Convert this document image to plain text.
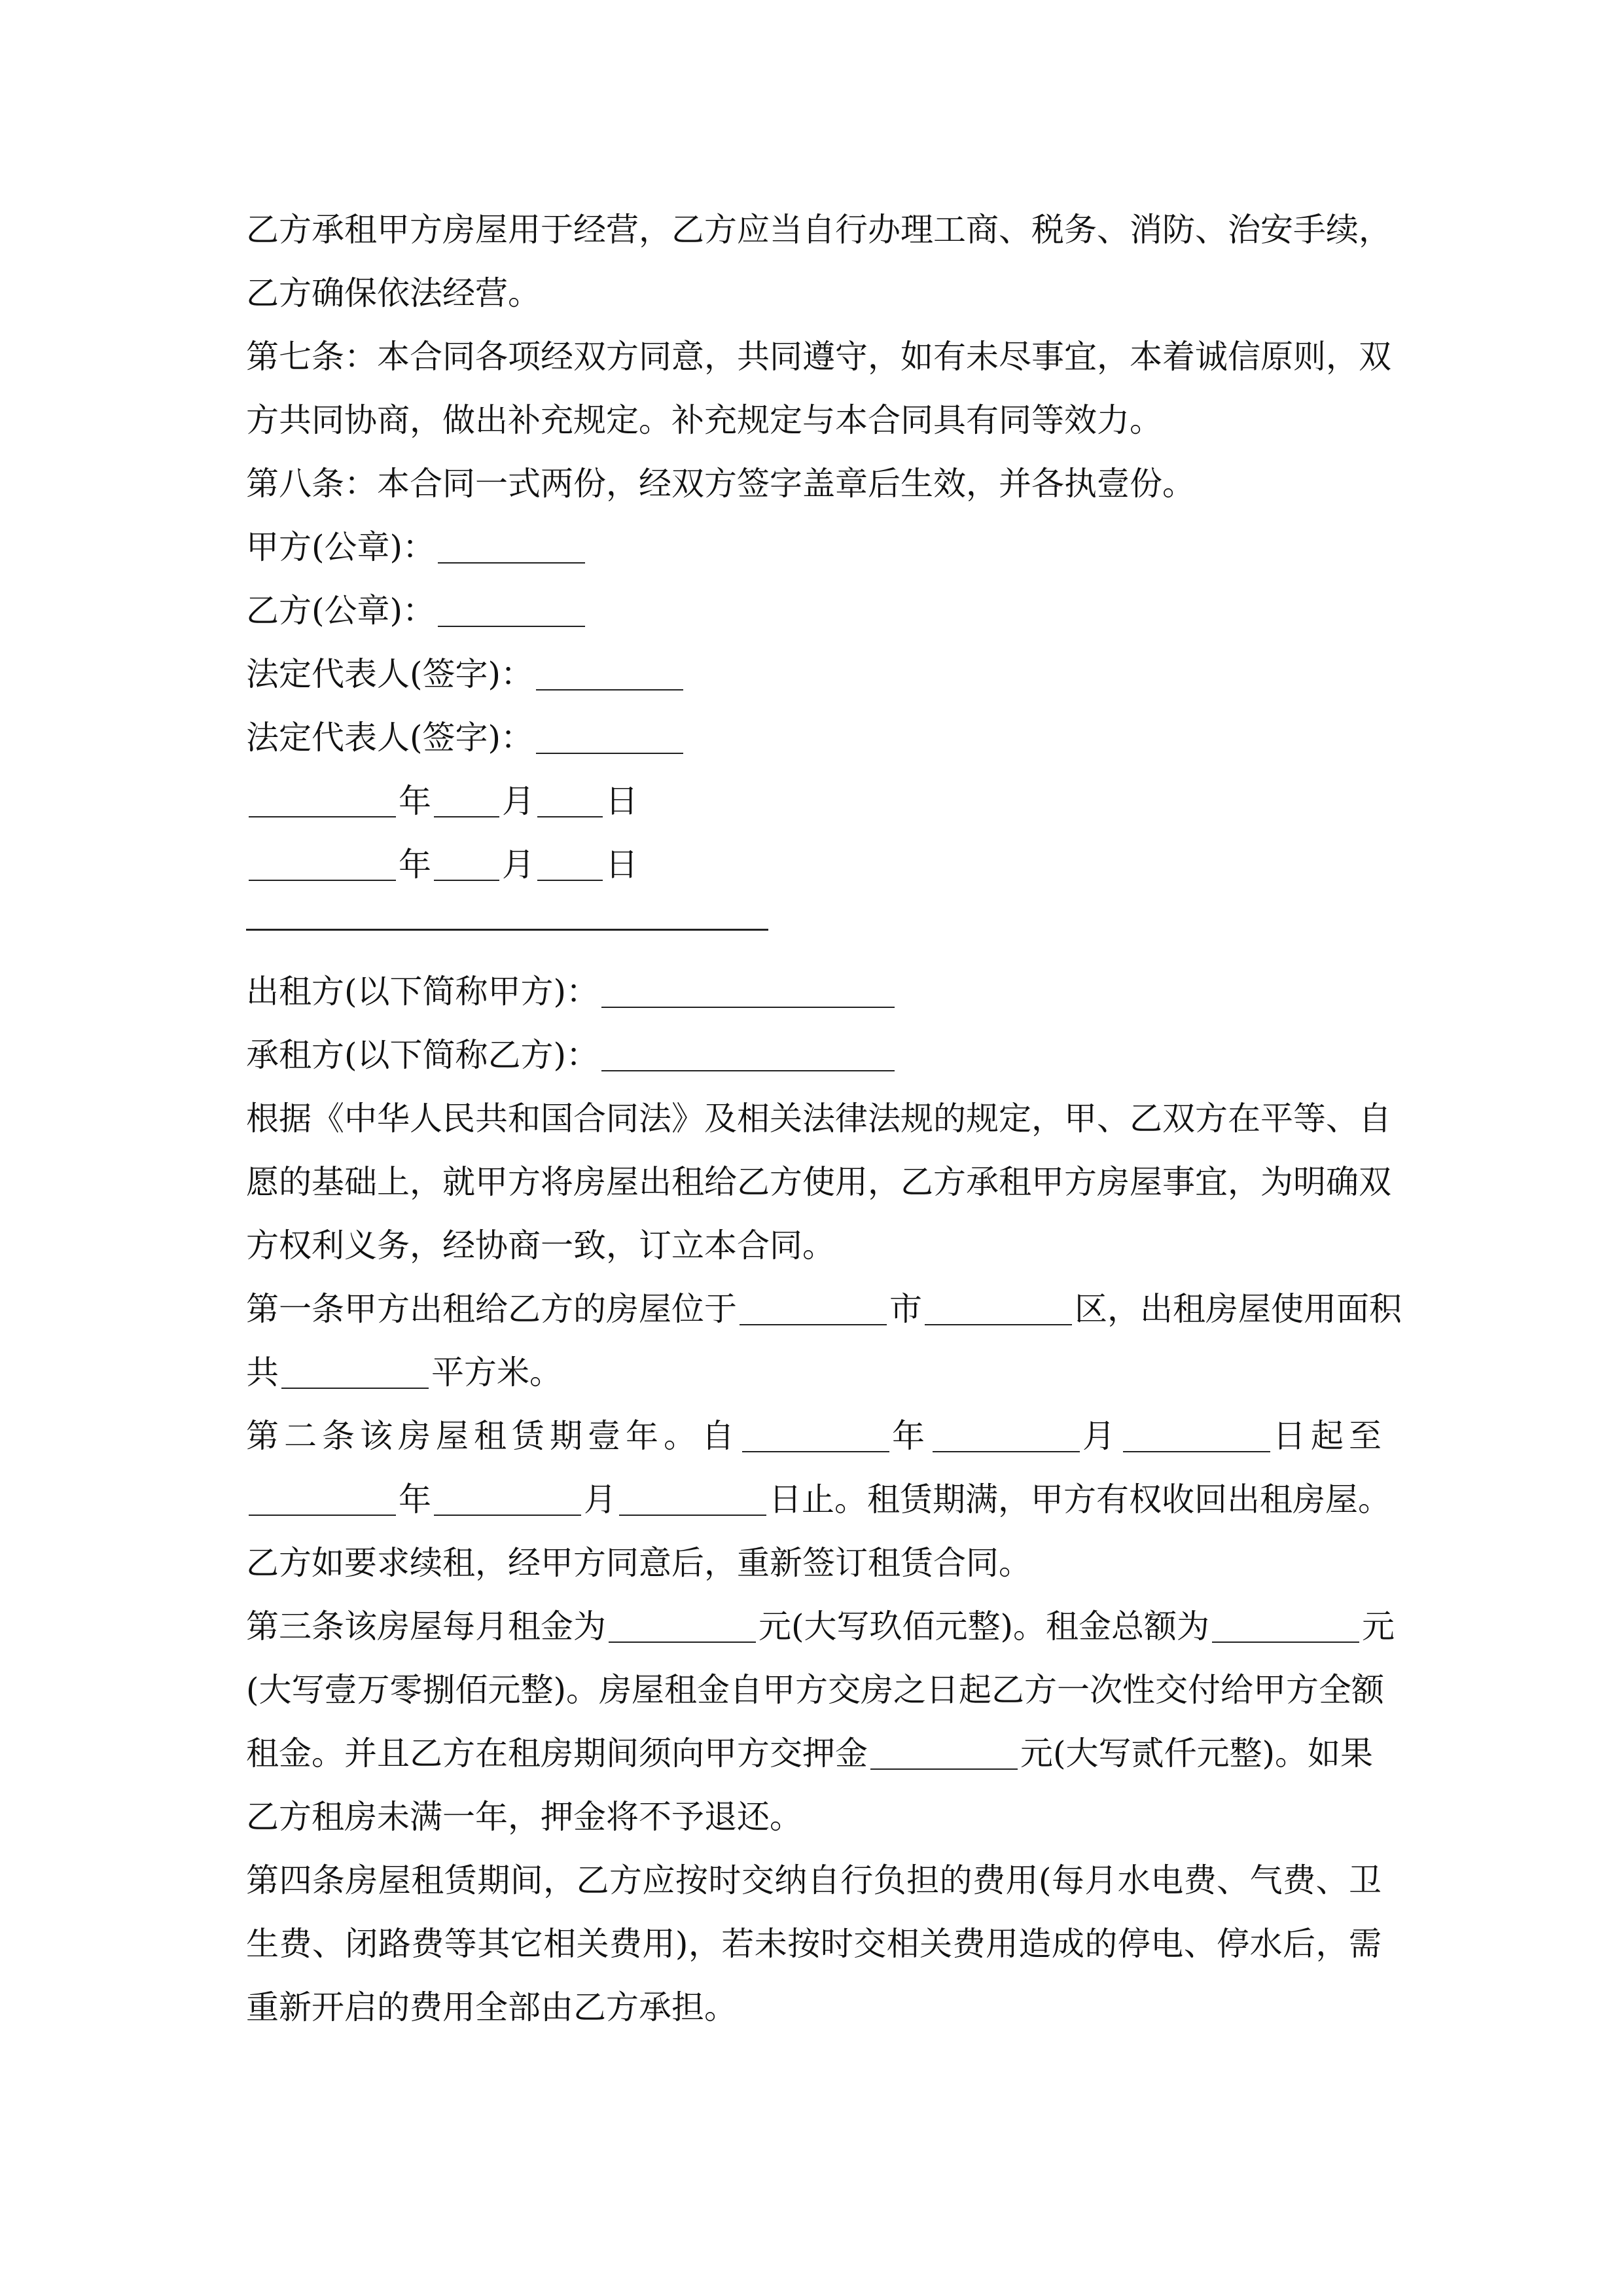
乙方承租甲方房屋用于经营，乙方应当自行办理工商、税务、消防、治安手续，
乙方确保依法经营。
第七条：本合同各项经双方同意，共同遵守，如有未尽事宜，本着诚信原则，双
方共同协商，做出补充规定。补充规定与本合同具有同等效力。
第八条：本合同一式两份，经双方签字盖章后生效，并各执壹份。
甲方(公章)：
乙方(公章)：
法定代表人(签字)：
法定代表人(签字)：
年 月 日
年 月 日
出租方(以下简称甲方)：
承租方(以下简称乙方)：
根据《中华人民共和国合同法》及相关法律法规的规定，甲、乙双方在平等、自
愿的基础上，就甲方将房屋出租给乙方使用，乙方承租甲方房屋事宜，为明确双
方权利义务，经协商一致，订立本合同。
第一条甲方出租给乙方的房屋位于	市	区，出租房屋使用面积
共	平方米。
第二条该房屋租赁期壹年。自	年	月	日起至
年	月	日止。租赁期满，甲方有权收回出租房屋。
乙方如要求续租，经甲方同意后，重新签订租赁合同。
第三条该房屋每月租金为	元(大写玖佰元整)。租金总额为	元
(大写壹万零捌佰元整)。房屋租金自甲方交房之日起乙方一次性交付给甲方全额
租金。并且乙方在租房期间须向甲方交押金	元(大写贰仟元整)。如果
乙方租房未满一年，押金将不予退还。
第四条房屋租赁期间，乙方应按时交纳自行负担的费用(每月水电费、气费、卫
生费、闭路费等其它相关费用)，若未按时交相关费用造成的停电、停水后，需
重新开启的费用全部由乙方承担。
